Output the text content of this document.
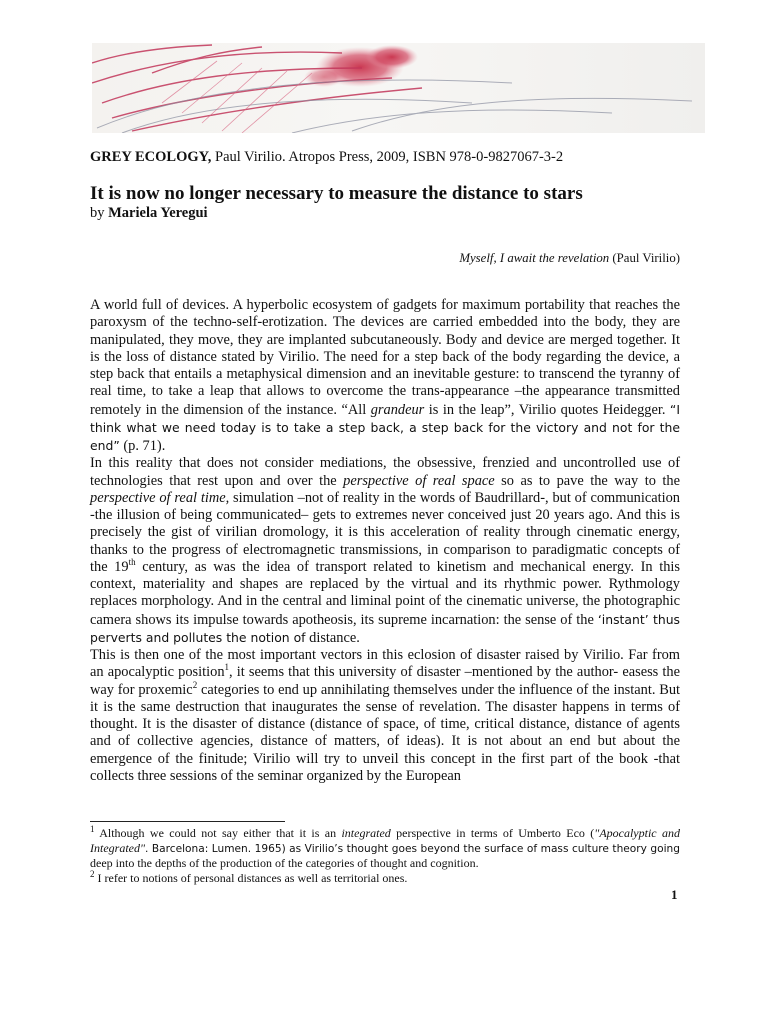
GREY ECOLOGY, Paul Virilio. Atropos Press, 2009, ISBN 978-0-9827067-3-2
It is now no longer necessary to measure the distance to stars
by Mariela Yeregui
Myself, I await the revelation (Paul Virilio)

A world full of devices. A hyperbolic ecosystem of gadgets for maximum portability that reaches the paroxysm of the techno-self-erotization. The devices are carried embedded into the body, they are manipulated, they move, they are implanted subcutaneously. Body and device are merged together. It is the loss of distance stated by Virilio. The need for a step back of the body regarding the device, a step back that entails a metaphysical dimension and an inevitable gesture: to transcend the tyranny of real time, to take a leap that allows to overcome the trans-appearance –the appearance transmitted remotely in the dimension of the instance. “All grandeur is in the leap”, Virilio quotes Heidegger. “I think what we need today is to take a step back, a step back for the victory and not for the end” (p. 71).

In this reality that does not consider mediations, the obsessive, frenzied and uncontrolled use of technologies that rest upon and over the perspective of real space so as to pave the way to the perspective of real time, simulation –not of reality in the words of Baudrillard-, but of communication -the illusion of being communicated– gets to extremes never conceived just 20 years ago. And this is precisely the gist of virilian dromology, it is this acceleration of reality through cinematic energy, thanks to the progress of electromagnetic transmissions, in comparison to paradigmatic concepts of the 19th century, as was the idea of transport related to kinetism and mechanical energy. In this context, materiality and shapes are replaced by the virtual and its rhythmic power. Rythmology replaces morphology. And in the central and liminal point of the cinematic universe, the photographic camera shows its impulse towards apotheosis, its supreme incarnation: the sense of the ‘instant’ thus perverts and pollutes the notion of distance.

This is then one of the most important vectors in this eclosion of disaster raised by Virilio. Far from an apocalyptic position$^1$, it seems that this university of disaster –mentioned by the author- easess the way for proxemic$^2$ categories to end up annihilating themselves under the influence of the instant. But it is the same destruction that inaugurates the sense of revelation. The disaster happens in terms of thought. It is the disaster of distance (distance of space, of time, critical distance, distance of agents and of collective agencies, distance of matters, of ideas). It is not about an end but about the emergence of the finitude; Virilio will try to unveil this concept in the first part of the book -that collects three sessions of the seminar organized by the European

$^1$ Although we could not say either that it is an integrated perspective in terms of Umberto Eco ("Apocalyptic and Integrated". Barcelona: Lumen. 1965) as Virilio’s thought goes beyond the surface of mass culture theory going deep into the depths of the production of the categories of thought and cognition.

$^2$ I refer to notions of personal distances as well as territorial ones.

1
